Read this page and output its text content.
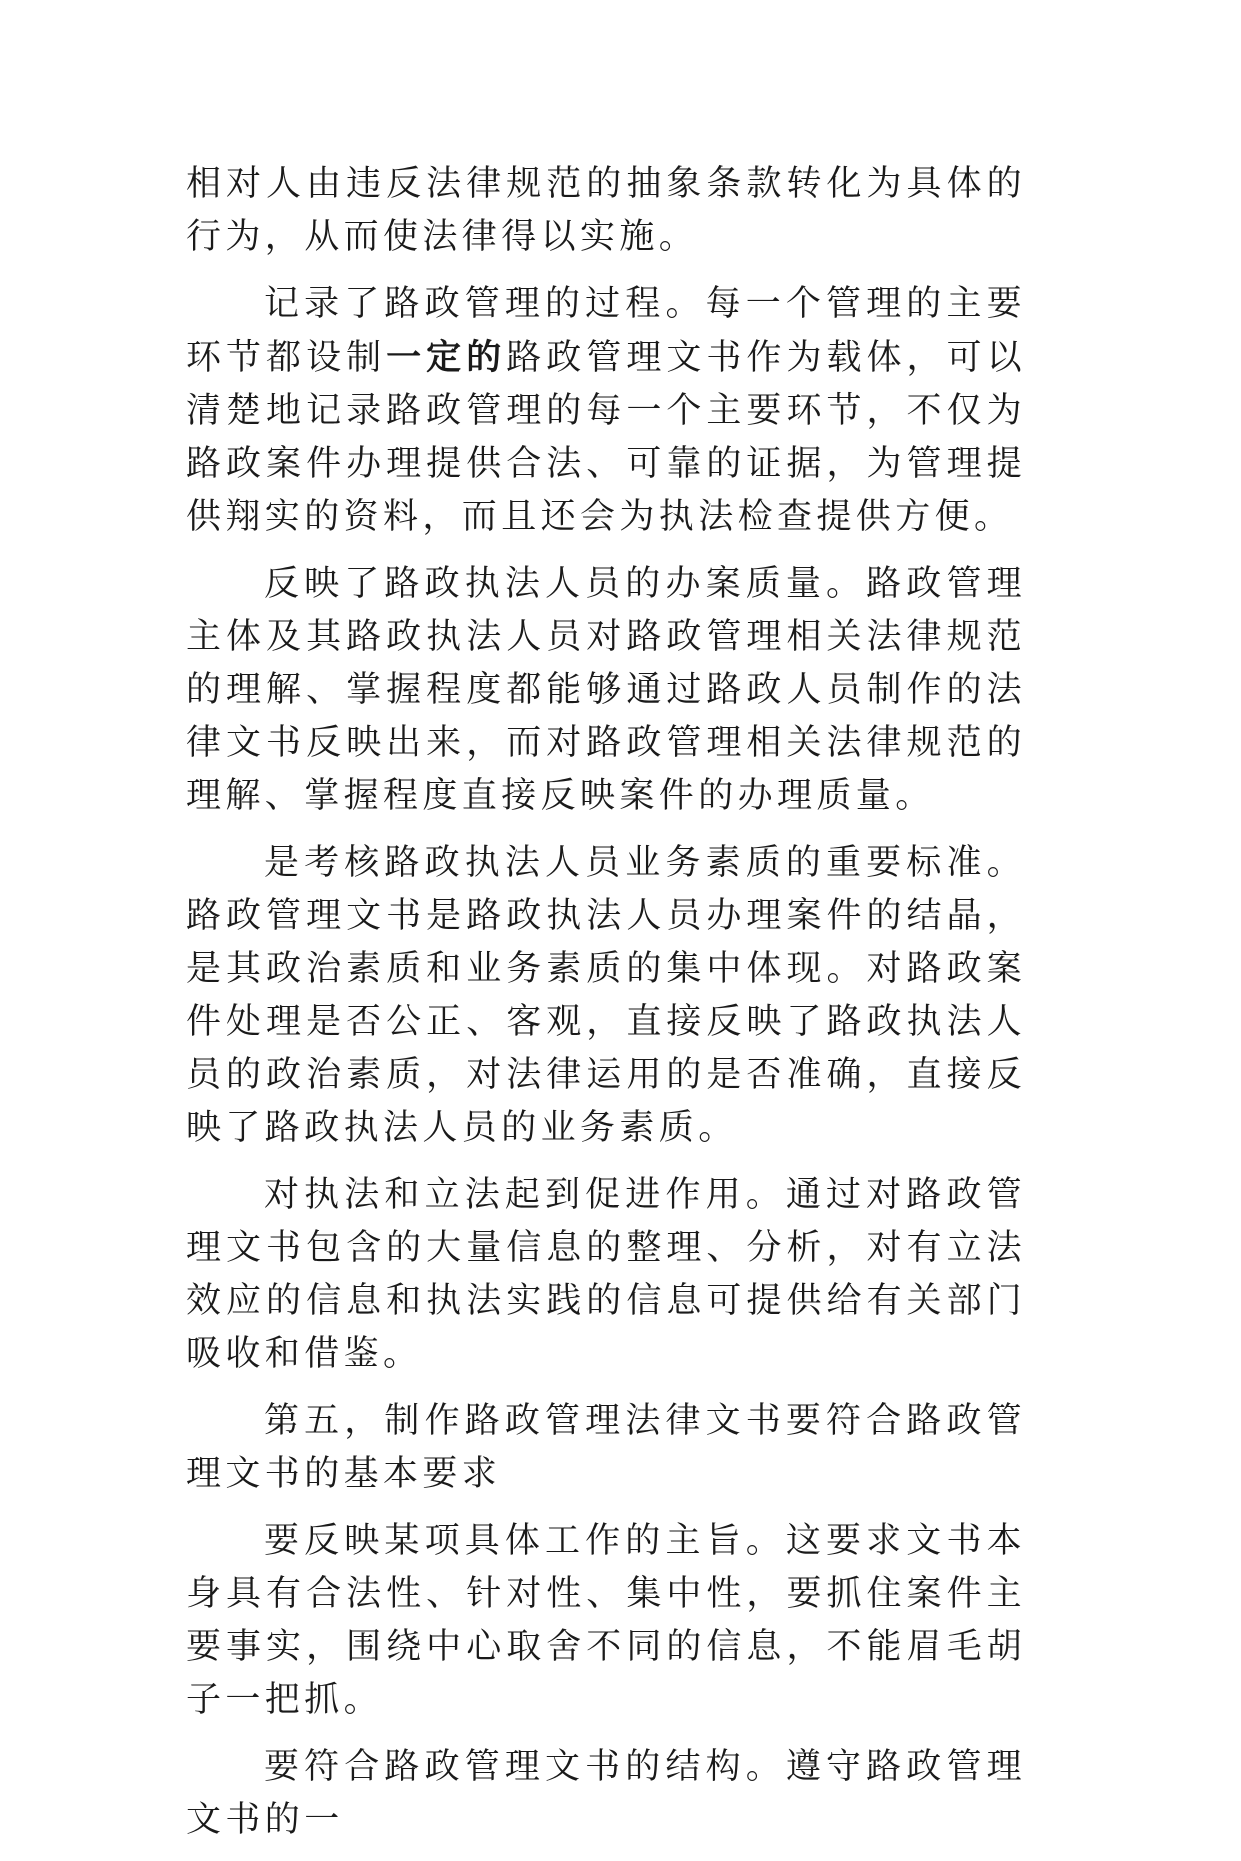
相对人由违反法律规范的抽象条款转化为具体的行为，从而使法律得以实施。

记录了路政管理的过程。每一个管理的主要环节都设制一定的路政管理文书作为载体，可以清楚地记录路政管理的每一个主要环节，不仅为路政案件办理提供合法、可靠的证据，为管理提供翔实的资料，而且还会为执法检查提供方便。

反映了路政执法人员的办案质量。路政管理主体及其路政执法人员对路政管理相关法律规范的理解、掌握程度都能够通过路政人员制作的法律文书反映出来，而对路政管理相关法律规范的理解、掌握程度直接反映案件的办理质量。

是考核路政执法人员业务素质的重要标准。路政管理文书是路政执法人员办理案件的结晶，是其政治素质和业务素质的集中体现。对路政案件处理是否公正、客观，直接反映了路政执法人员的政治素质，对法律运用的是否准确，直接反映了路政执法人员的业务素质。

对执法和立法起到促进作用。通过对路政管理文书包含的大量信息的整理、分析，对有立法效应的信息和执法实践的信息可提供给有关部门吸收和借鉴。

第五，制作路政管理法律文书要符合路政管理文书的基本要求

要反映某项具体工作的主旨。这要求文书本身具有合法性、针对性、集中性，要抓住案件主要事实，围绕中心取舍不同的信息，不能眉毛胡子一把抓。

要符合路政管理文书的结构。遵守路政管理文书的一
